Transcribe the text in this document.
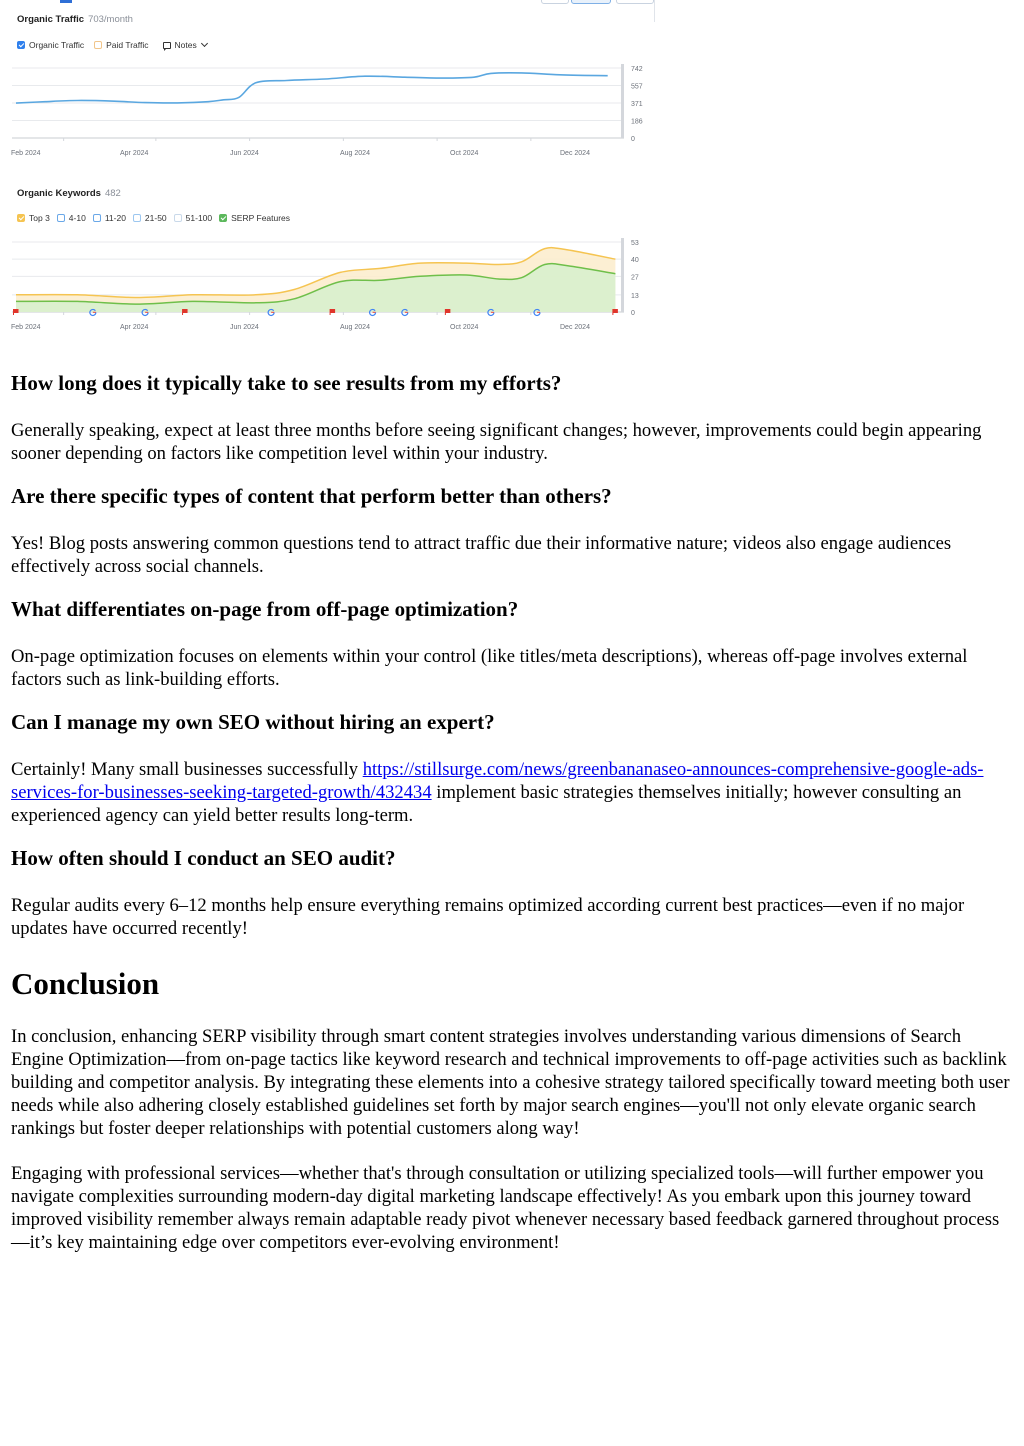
Organic Traffic 703/month
Organic Traffic	Paid Traffic	Notes
742
557
371
186
0
Feb 2024	Apr 2024	Jun 2024	Aug 2024	Oct 2024	Dec 2024
Organic Keywords 482
Top 3 4-10 11-20 21-50 51-100 SERP Features
53
40
27
13
0
Feb 2024	Apr 2024	Jun 2024	Aug 2024	Oct 2024	Dec 2024
How long does it typically take to see results from my efforts?

Generally speaking, expect at least three months before seeing significant changes; however, improvements could begin appearing sooner depending on factors like competition level within your industry.

Are there specific types of content that perform better than others?

Yes! Blog posts answering common questions tend to attract traffic due their informative nature; videos also engage audiences effectively across social channels.

What differentiates on-page from off-page optimization?

On-page optimization focuses on elements within your control (like titles/meta descriptions), whereas off-page involves external factors such as link-building efforts.

Can I manage my own SEO without hiring an expert?

Certainly! Many small businesses successfully https://stillsurge.com/news/greenbananaseo-announces-comprehensive-google-ads-services-for-businesses-seeking-targeted-growth/432434 implement basic strategies themselves initially; however consulting an experienced agency can yield better results long-term.

How often should I conduct an SEO audit?

Regular audits every 6–12 months help ensure everything remains optimized according current best practices—even if no major updates have occurred recently!

Conclusion

In conclusion, enhancing SERP visibility through smart content strategies involves understanding various dimensions of Search Engine Optimization—from on-page tactics like keyword research and technical improvements to off-page activities such as backlink building and competitor analysis. By integrating these elements into a cohesive strategy tailored specifically toward meeting both user needs while also adhering closely established guidelines set forth by major search engines—you'll not only elevate organic search rankings but foster deeper relationships with potential customers along way!

Engaging with professional services—whether that's through consultation or utilizing specialized tools—will further empower you navigate complexities surrounding modern-day digital marketing landscape effectively! As you embark upon this journey toward improved visibility remember always remain adaptable ready pivot whenever necessary based feedback garnered throughout process—it’s key maintaining edge over competitors ever-evolving environment!
